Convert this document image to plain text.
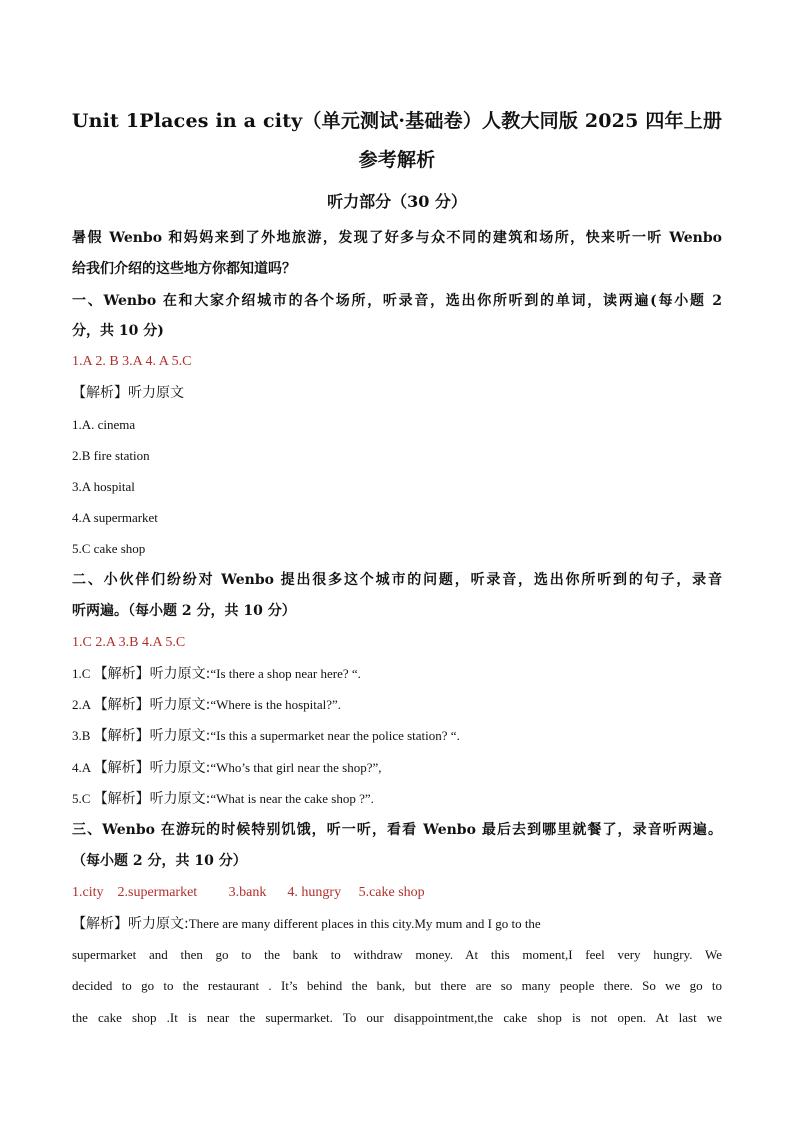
Unit 1Places in a city（单元测试·基础卷）人教大同版 2025 四年上册
参考解析
听力部分（30 分）
暑假 Wenbo 和妈妈来到了外地旅游，发现了好多与众不同的建筑和场所，快来听一听 Wenbo
给我们介绍的这些地方你都知道吗？
一、Wenbo 在和大家介绍城市的各个场所，听录音，选出你所听到的单词，读两遍(每小题 2
分，共 10 分)
1.A 2. B 3.A 4. A 5.C
【解析】听力原文
1.A. cinema
2.B fire station
3.A hospital
4.A supermarket
5.C cake shop
二、小伙伴们纷纷对 Wenbo 提出很多这个城市的问题，听录音，选出你所听到的句子，录音
听两遍。（每小题 2 分，共 10 分）
1.C 2.A 3.B 4.A 5.C
1.C 【解析】听力原文:“Is there a shop near here? “.
2.A 【解析】听力原文:“Where is the hospital?”.
3.B 【解析】听力原文:“Is this a supermarket near the police station? “.
4.A 【解析】听力原文:“Who’s that girl near the shop?”,
5.C 【解析】听力原文:“What is near the cake shop ?”.
三、Wenbo 在游玩的时候特别饥饿，听一听，看看 Wenbo 最后去到哪里就餐了，录音听两遍。
（每小题 2 分，共 10 分）
1.city    2.supermarket         3.bank      4. hungry     5.cake shop
【解析】听力原文:There are many different places in this city.My mum and I go to the
supermarket and then go to the bank to withdraw money. At this moment,I feel very hungry. We
decided to go to the restaurant . It’s behind the bank, but there are so many people there. So we go to
the cake shop .It is near the supermarket. To our disappointment,the cake shop is not open. At last we
